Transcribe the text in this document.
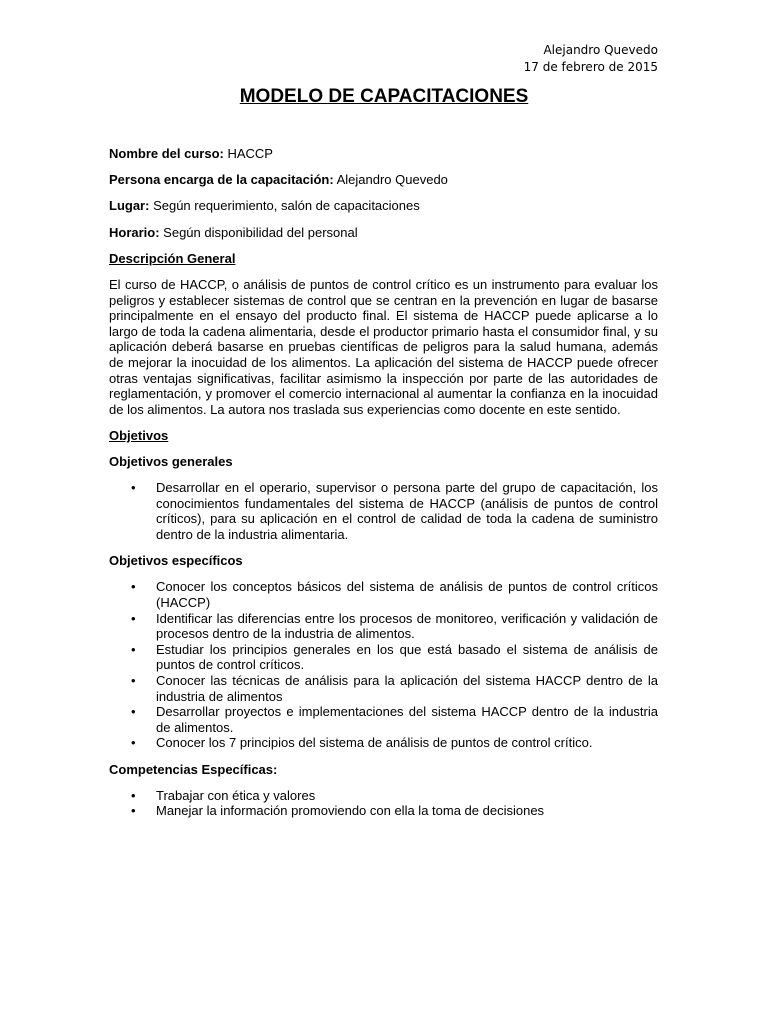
Alejandro Quevedo
17 de febrero de 2015
MODELO DE CAPACITACIONES
Nombre del curso: HACCP
Persona encarga de la capacitación: Alejandro Quevedo
Lugar: Según requerimiento, salón de capacitaciones
Horario: Según disponibilidad del personal
Descripción General
El curso de HACCP, o análisis de puntos de control crítico es un instrumento para evaluar los peligros y establecer sistemas de control que se centran en la prevención en lugar de basarse principalmente en el ensayo del producto final. El sistema de HACCP puede aplicarse a lo largo de toda la cadena alimentaria, desde el productor primario hasta el consumidor final, y su aplicación deberá basarse en pruebas científicas de peligros para la salud humana, además de mejorar la inocuidad de los alimentos. La aplicación del sistema de HACCP puede ofrecer otras ventajas significativas, facilitar asimismo la inspección por parte de las autoridades de reglamentación, y promover el comercio internacional al aumentar la confianza en la inocuidad de los alimentos. La autora nos traslada sus experiencias como docente en este sentido.
Objetivos
Objetivos generales
• Desarrollar en el operario, supervisor o persona parte del grupo de capacitación, los conocimientos fundamentales del sistema de HACCP (análisis de puntos de control críticos), para su aplicación en el control de calidad de toda la cadena de suministro dentro de la industria alimentaria.
Objetivos específicos
• Conocer los conceptos básicos del sistema de análisis de puntos de control críticos (HACCP)
• Identificar las diferencias entre los procesos de monitoreo, verificación y validación de procesos dentro de la industria de alimentos.
• Estudiar los principios generales en los que está basado el sistema de análisis de puntos de control críticos.
• Conocer las técnicas de análisis para la aplicación del sistema HACCP dentro de la industria de alimentos
• Desarrollar proyectos e implementaciones del sistema HACCP dentro de la industria de alimentos.
• Conocer los 7 principios del sistema de análisis de puntos de control crítico.
Competencias Específicas:
• Trabajar con ética y valores
• Manejar la información promoviendo con ella la toma de decisiones
